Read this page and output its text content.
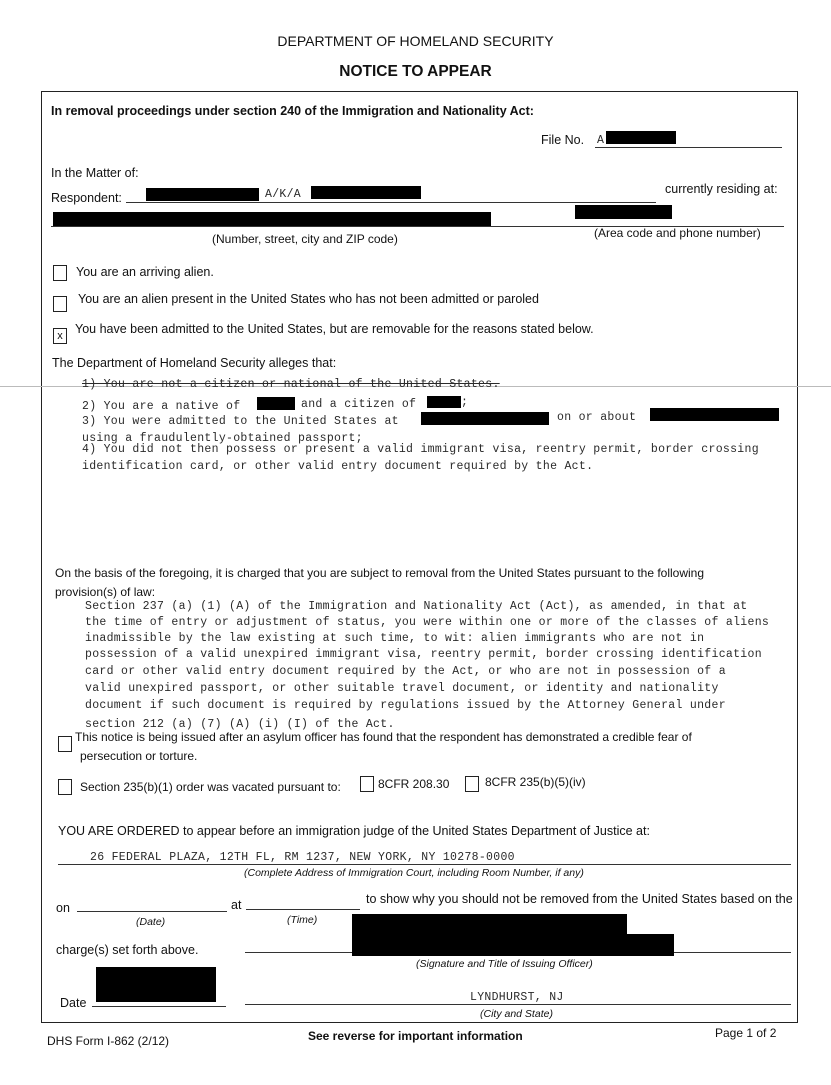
DEPARTMENT OF HOMELAND SECURITY
NOTICE TO APPEAR
In removal proceedings under section 240 of the Immigration and Nationality Act:
File No. A
In the Matter of:
Respondent:	A/K/A	currently residing at:
(Number, street, city and ZIP code)	(Area code and phone number)
You are an arriving alien.
You are an alien present in the United States who has not been admitted or paroled
x You have been admitted to the United States, but are removable for the reasons stated below.
The Department of Homeland Security alleges that:
1) You are not a citizen or national of the United States.
2) You are a native of	and a citizen of	;
3) You were admitted to the United States at	on or about
using a fraudulently-obtained passport;
4) You did not then possess or present a valid immigrant visa, reentry permit, border crossing
identification card, or other valid entry document required by the Act.
On the basis of the foregoing, it is charged that you are subject to removal from the United States pursuant to the following
provision(s) of law:
Section 237 (a) (1) (A) of the Immigration and Nationality Act (Act), as amended, in that at
the time of entry or adjustment of status, you were within one or more of the classes of aliens
inadmissible by the law existing at such time, to wit: alien immigrants who are not in
possession of a valid unexpired immigrant visa, reentry permit, border crossing identification
card or other valid entry document required by the Act, or who are not in possession of a
valid unexpired passport, or other suitable travel document, or identity and nationality
document if such document is required by regulations issued by the Attorney General under
section 212 (a) (7) (A) (i) (I) of the Act.
This notice is being issued after an asylum officer has found that the respondent has demonstrated a credible fear of
persecution or torture.
Section 235(b)(1) order was vacated pursuant to:	8CFR 208.30	8CFR 235(b)(5)(iv)
YOU ARE ORDERED to appear before an immigration judge of the United States Department of Justice at:
26 FEDERAL PLAZA, 12TH FL, RM 1237, NEW YORK, NY 10278-0000
(Complete Address of Immigration Court, including Room Number, if any)
on	at	to show why you should not be removed from the United States based on the
(Date)	(Time)
charge(s) set forth above.
(Signature and Title of Issuing Officer)
Date	LYNDHURST, NJ
(City and State)
DHS Form I-862 (2/12)	See reverse for important information	Page 1 of 2
